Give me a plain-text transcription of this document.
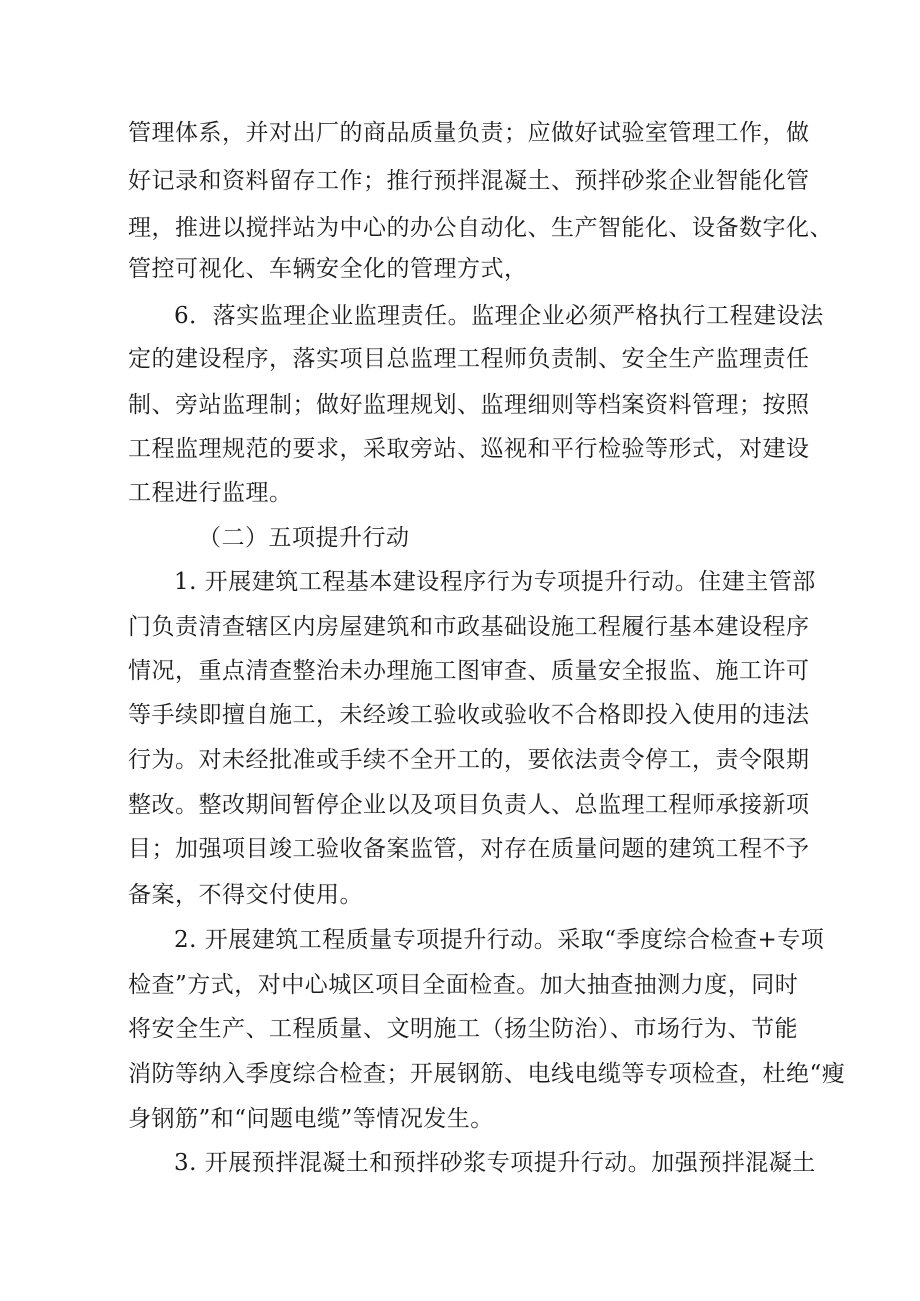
管理体系，并对出厂的商品质量负责；应做好试验室管理工作，做
好记录和资料留存工作；推行预拌混凝土、预拌砂浆企业智能化管
理，推进以搅拌站为中心的办公自动化、生产智能化、设备数字化、
管控可视化、车辆安全化的管理方式，
6．落实监理企业监理责任。监理企业必须严格执行工程建设法
定的建设程序，落实项目总监理工程师负责制、安全生产监理责任
制、旁站监理制；做好监理规划、监理细则等档案资料管理；按照
工程监理规范的要求，采取旁站、巡视和平行检验等形式，对建设
工程进行监理。
（二）五项提升行动
1. 开展建筑工程基本建设程序行为专项提升行动。住建主管部
门负责清查辖区内房屋建筑和市政基础设施工程履行基本建设程序
情况，重点清查整治未办理施工图审查、质量安全报监、施工许可
等手续即擅自施工，未经竣工验收或验收不合格即投入使用的违法
行为。对未经批准或手续不全开工的，要依法责令停工，责令限期
整改。整改期间暂停企业以及项目负责人、总监理工程师承接新项
目；加强项目竣工验收备案监管，对存在质量问题的建筑工程不予
备案，不得交付使用。
2. 开展建筑工程质量专项提升行动。采取“季度综合检查+专项
检查”方式，对中心城区项目全面检查。加大抽查抽测力度，同时
将安全生产、工程质量、文明施工（扬尘防治）、市场行为、节能
消防等纳入季度综合检查；开展钢筋、电线电缆等专项检查，杜绝“瘦
身钢筋”和“问题电缆”等情况发生。
3. 开展预拌混凝土和预拌砂浆专项提升行动。加强预拌混凝土
